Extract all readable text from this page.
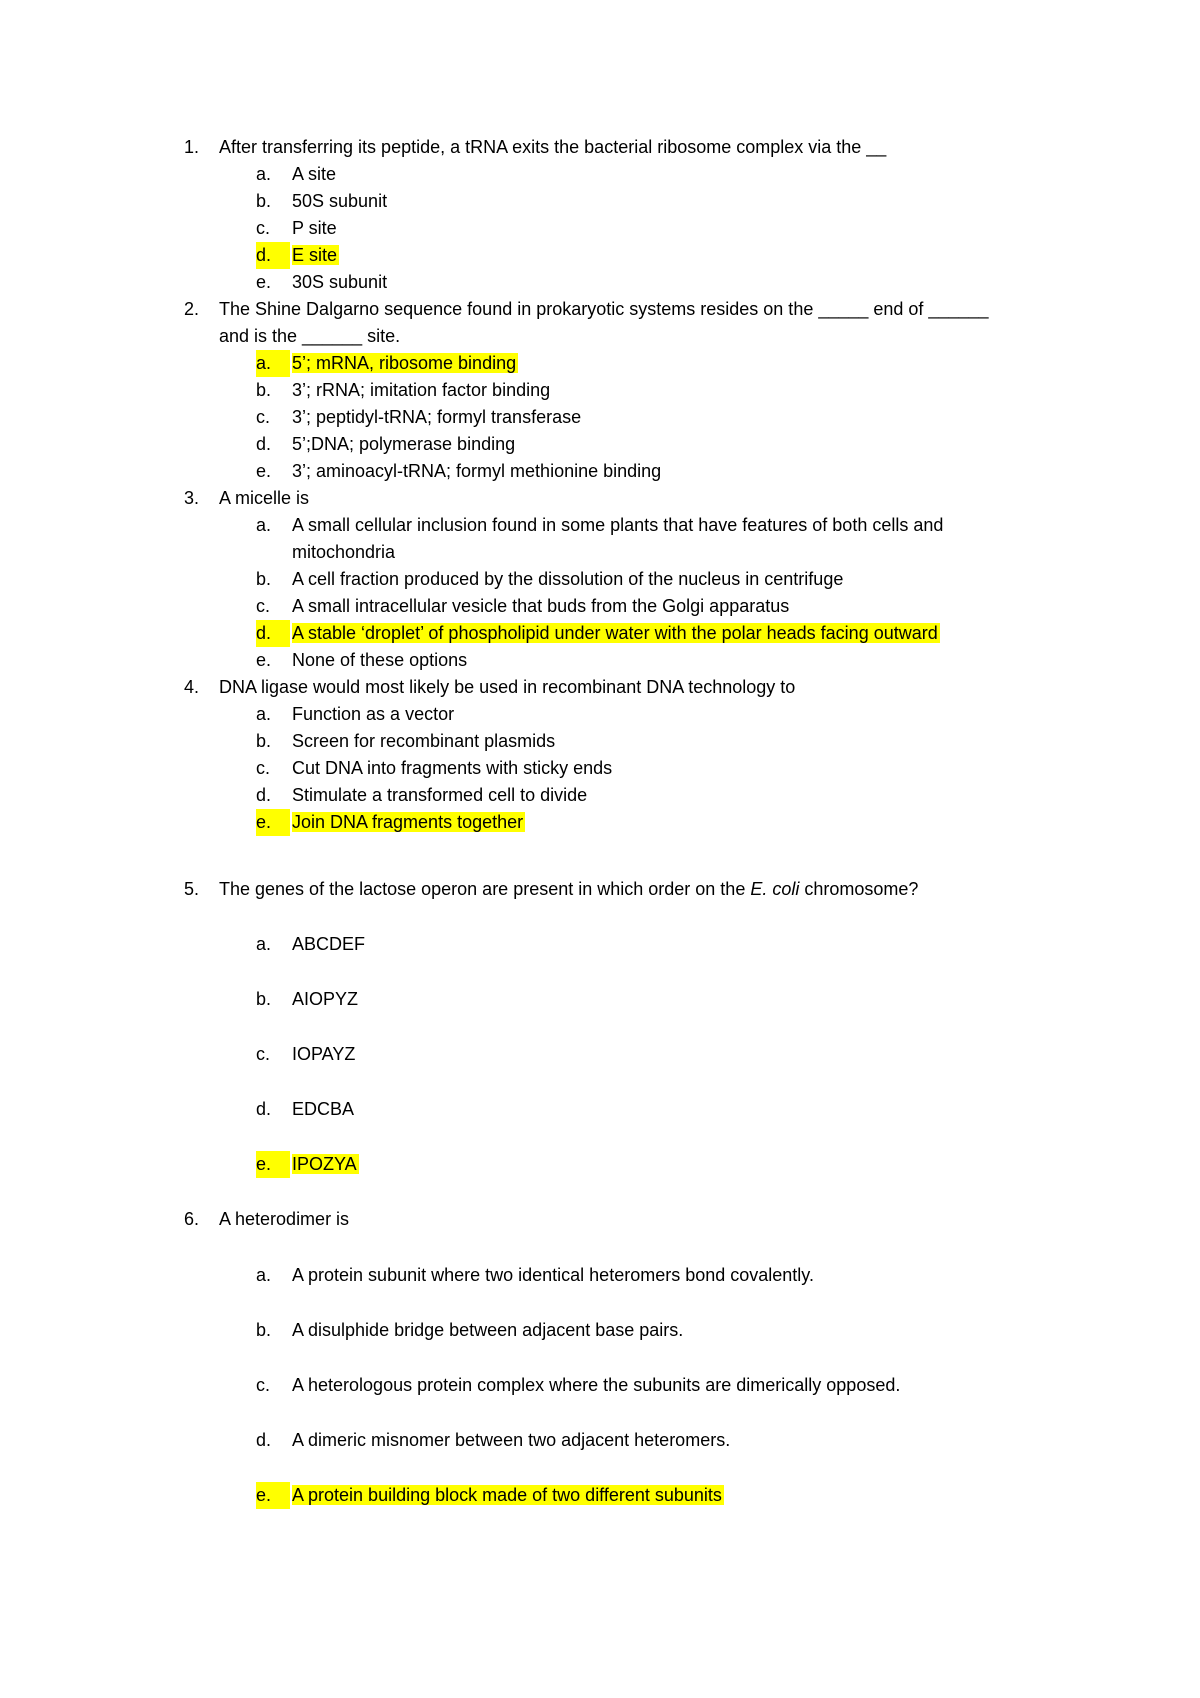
1.	After transferring its peptide, a tRNA exits the bacterial ribosome complex via the __
a.	A site
b.	50S subunit
c.	P site
d.	E site
e.	30S subunit
2.	The Shine Dalgarno sequence found in prokaryotic systems resides on the _____ end of ______
and is the ______ site.
a.	5’; mRNA, ribosome binding
b.	3’; rRNA; imitation factor binding
c.	3’; peptidyl-tRNA; formyl transferase
d.	5’;DNA; polymerase binding
e.	3’; aminoacyl-tRNA; formyl methionine binding
3.	A micelle is
a.	A small cellular inclusion found in some plants that have features of both cells and
mitochondria
b.	A cell fraction produced by the dissolution of the nucleus in centrifuge
c.	A small intracellular vesicle that buds from the Golgi apparatus
d.	A stable ‘droplet’ of phospholipid under water with the polar heads facing outward
e.	None of these options
4.	DNA ligase would most likely be used in recombinant DNA technology to
a.	Function as a vector
b.	Screen for recombinant plasmids
c.	Cut DNA into fragments with sticky ends
d.	Stimulate a transformed cell to divide
e.	Join DNA fragments together
5.	The genes of the lactose operon are present in which order on the E. coli chromosome?
a.	ABCDEF
b.	AIOPYZ
c.	IOPAYZ
d.	EDCBA
e.	IPOZYA
6.	A heterodimer is
a.	A protein subunit where two identical heteromers bond covalently.
b.	A disulphide bridge between adjacent base pairs.
c.	A heterologous protein complex where the subunits are dimerically opposed.
d.	A dimeric misnomer between two adjacent heteromers.
e.	A protein building block made of two different subunits
